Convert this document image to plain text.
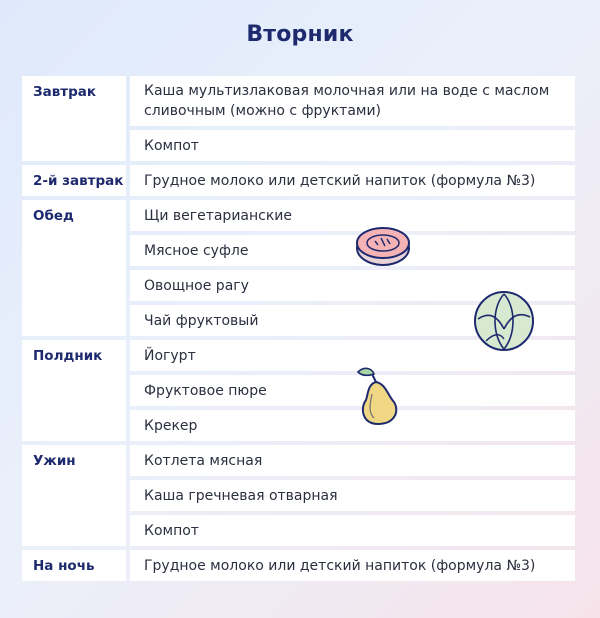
Вторник
Завтрак	Каша мультизлаковая молочная или на воде с маслом сливочным (можно с фруктами)
Компот
2-й завтрак	Грудное молоко или детский напиток (формула №3)
Обед	Щи вегетарианские
Мясное суфле
Овощное рагу
Чай фруктовый
Полдник	Йогурт
Фруктовое пюре
Крекер
Ужин	Котлета мясная
Каша гречневая отварная
Компот
На ночь	Грудное молоко или детский напиток (формула №3)
